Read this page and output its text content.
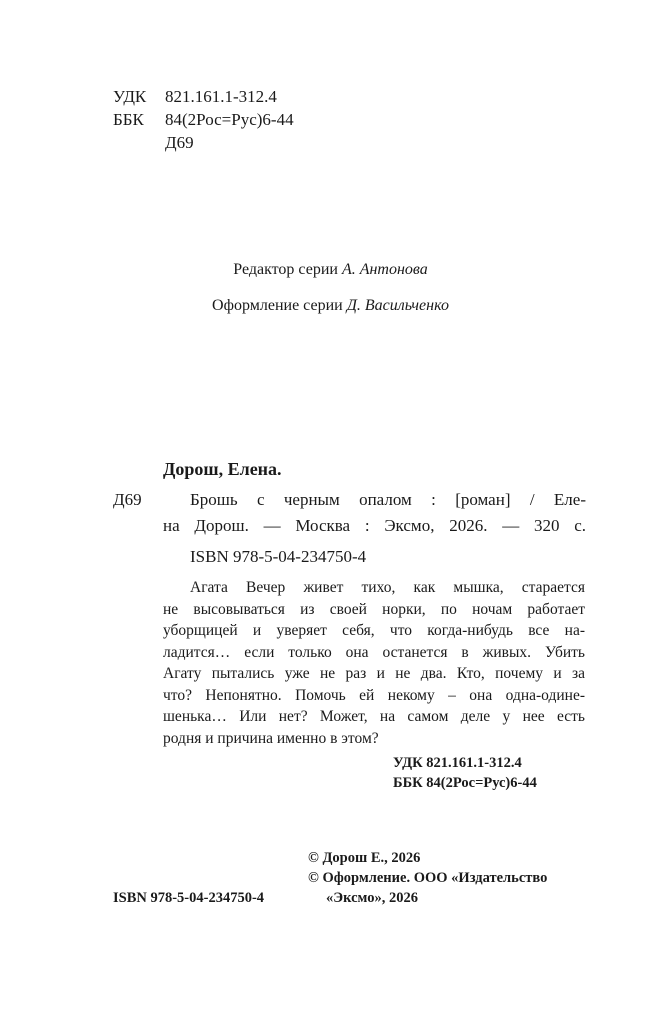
УДК 821.161.1-312.4
ББК 84(2Рос=Рус)6-44
Д69
Редактор серии А. Антонова
Оформление серии Д. Васильченко
Дорош, Елена.
Д69	Брошь с черным опалом : [роман] / Еле-
на Дорош. — Москва : Эксмо, 2026. — 320 с.
ISBN 978-5-04-234750-4
Агата Вечер живет тихо, как мышка, старается
не высовываться из своей норки, по ночам работает
уборщицей и уверяет себя, что когда-нибудь все на-
ладится… если только она останется в живых. Убить
Агату пытались уже не раз и не два. Кто, почему и за
что? Непонятно. Помочь ей некому – она одна-одине-
шенька… Или нет? Может, на самом деле у нее есть
родня и причина именно в этом?
УДК 821.161.1-312.4
ББК 84(2Рос=Рус)6-44
© Дорош Е., 2026
© Оформление. ООО «Издательство
ISBN 978-5-04-234750-4	«Эксмо», 2026
